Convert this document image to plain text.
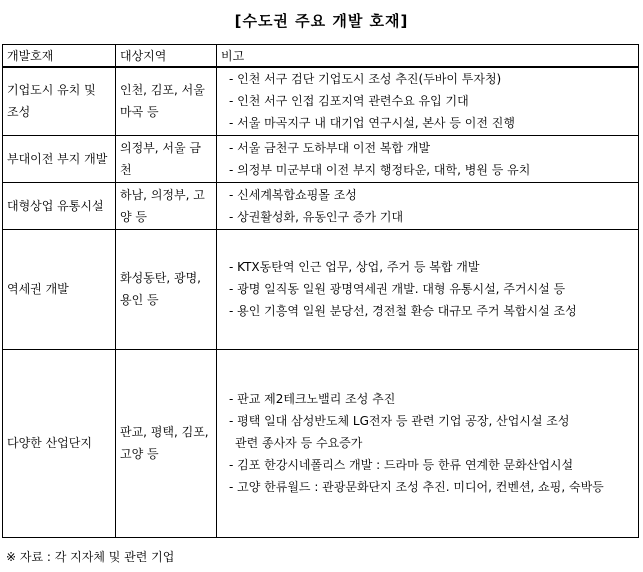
[수도권 주요 개발 호재]
개발호재	대상지역	비고
기업도시 유치 및 조성	인천, 김포, 서울 마곡 등	- 인천 서구 검단 기업도시 조성 추진(두바이 투자청)
- 인천 서구 인접 김포지역 관련수요 유입 기대
- 서울 마곡지구 내 대기업 연구시설, 본사 등 이전 진행

부대이전 부지 개발	의정부, 서울 금천	- 서울 금천구 도하부대 이전 복합 개발
- 의정부 미군부대 이전 부지 행정타운, 대학, 병원 등 유치

대형상업 유통시설	하남, 의정부, 고양 등	- 신세계복합쇼핑몰 조성
- 상권활성화, 유동인구 증가 기대

역세권 개발	화성동탄, 광명, 용인 등	- KTX동탄역 인근 업무, 상업, 주거 등 복합 개발
- 광명 일직동 일원 광명역세권 개발. 대형 유통시설, 주거시설 등
- 용인 기흥역 일원 분당선, 경전철 환승 대규모 주거 복합시설 조성

다양한 산업단지	판교, 평택, 김포, 고양 등	- 판교 제2테크노밸리 조성 추진
- 평택 일대 삼성반도체 LG전자 등 관련 기업 공장, 산업시설 조성
관련 종사자 등 수요증가
- 김포 한강시네폴리스 개발 : 드라마 등 한류 연계한 문화산업시설
- 고양 한류월드 : 관광문화단지 조성 추진. 미디어, 컨벤션, 쇼핑, 숙박등
※ 자료 : 각 지자체 및 관련 기업
